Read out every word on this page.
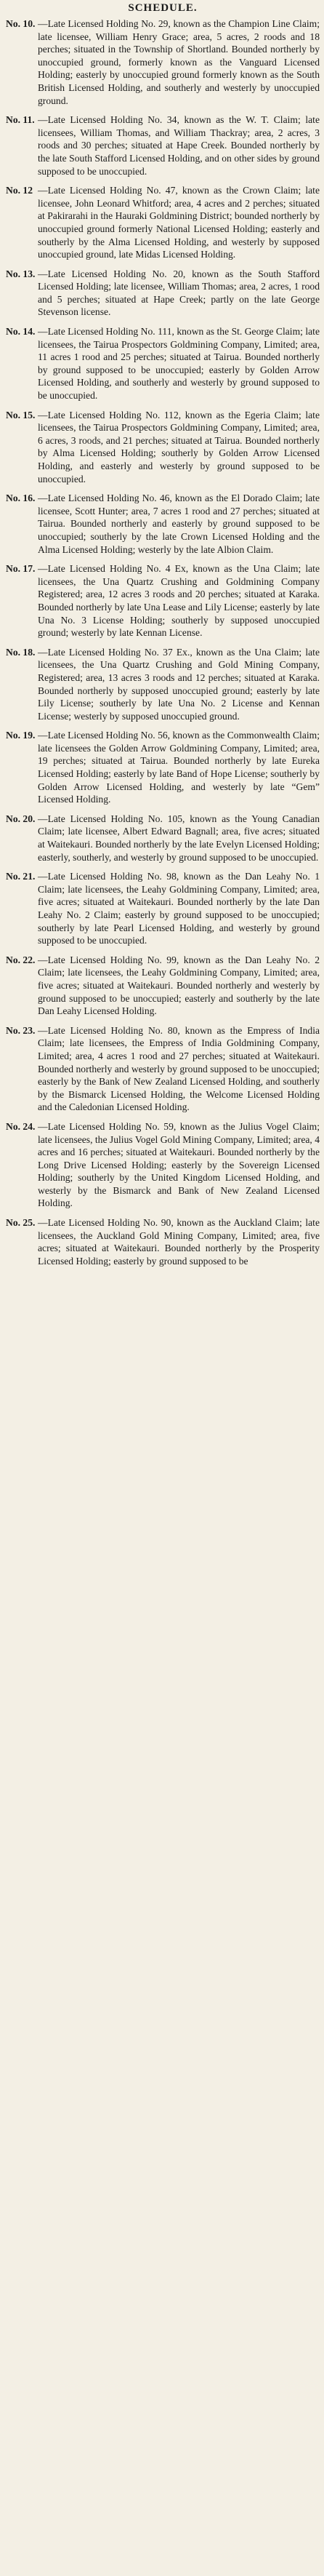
SCHEDULE.

No. 10. —Late Licensed Holding No. 29, known as the Champion Line Claim; late licensee, William Henry Grace; area, 5 acres, 2 roods and 18 perches; situated in the Township of Shortland. Bounded northerly by unoccupied ground, formerly known as the Vanguard Licensed Holding; easterly by unoccupied ground formerly known as the South British Licensed Holding, and southerly and westerly by unoccupied ground.

No. 11. —Late Licensed Holding No. 34, known as the W. T. Claim; late licensees, William Thomas, and William Thackray; area, 2 acres, 3 roods and 30 perches; situated at Hape Creek. Bounded northerly by the late South Stafford Licensed Holding, and on other sides by ground supposed to be unoccupied.

No. 12 —Late Licensed Holding No. 47, known as the Crown Claim; late licensee, John Leonard Whitford; area, 4 acres and 2 perches; situated at Pakirarahi in the Hauraki Goldmining District; bounded northerly by unoccupied ground formerly National Licensed Holding; easterly and southerly by the Alma Licensed Holding, and westerly by supposed unoccupied ground, late Midas Licensed Holding.

No. 13. —Late Licensed Holding No. 20, known as the South Stafford Licensed Holding; late licensee, William Thomas; area, 2 acres, 1 rood and 5 perches; situated at Hape Creek; partly on the late George Stevenson license.

No. 14. —Late Licensed Holding No. 111, known as the St. George Claim; late licensees, the Tairua Prospectors Goldmining Company, Limited; area, 11 acres 1 rood and 25 perches; situated at Tairua. Bounded northerly by ground supposed to be unoccupied; easterly by Golden Arrow Licensed Holding, and southerly and westerly by ground supposed to be unoccupied.

No. 15. —Late Licensed Holding No. 112, known as the Egeria Claim; late licensees, the Tairua Prospectors Goldmining Company, Limited; area, 6 acres, 3 roods, and 21 perches; situated at Tairua. Bounded northerly by Alma Licensed Holding; southerly by Golden Arrow Licensed Holding, and easterly and westerly by ground supposed to be unoccupied.

No. 16. —Late Licensed Holding No. 46, known as the El Dorado Claim; late licensee, Scott Hunter; area, 7 acres 1 rood and 27 perches; situated at Tairua. Bounded northerly and easterly by ground supposed to be unoccupied; southerly by the late Crown Licensed Holding and the Alma Licensed Holding; westerly by the late Albion Claim.

No. 17. —Late Licensed Holding No. 4 Ex, known as the Una Claim; late licensees, the Una Quartz Crushing and Goldmining Company Registered; area, 12 acres 3 roods and 20 perches; situated at Karaka. Bounded northerly by late Una Lease and Lily License; easterly by late Una No. 3 License Holding; southerly by supposed unoccupied ground; westerly by late Kennan License.

No. 18. —Late Licensed Holding No. 37 Ex., known as the Una Claim; late licensees, the Una Quartz Crushing and Gold Mining Company, Registered; area, 13 acres 3 roods and 12 perches; situated at Karaka. Bounded northerly by supposed unoccupied ground; easterly by late Lily License; southerly by late Una No. 2 License and Kennan License; westerly by supposed unoccupied ground.

No. 19. —Late Licensed Holding No. 56, known as the Commonwealth Claim; late licensees the Golden Arrow Goldmining Company, Limited; area, 19 perches; situated at Tairua. Bounded northerly by late Eureka Licensed Holding; easterly by late Band of Hope License; southerly by Golden Arrow Licensed Holding, and westerly by late “Gem” Licensed Holding.

No. 20. —Late Licensed Holding No. 105, known as the Young Canadian Claim; late licensee, Albert Edward Bagnall; area, five acres; situated at Waitekauri. Bounded northerly by the late Evelyn Licensed Holding; easterly, southerly, and westerly by ground supposed to be unoccupied.

No. 21. —Late Licensed Holding No. 98, known as the Dan Leahy No. 1 Claim; late licensees, the Leahy Goldmining Company, Limited; area, five acres; situated at Waitekauri. Bounded northerly by the late Dan Leahy No. 2 Claim; easterly by ground supposed to be unoccupied; southerly by late Pearl Licensed Holding, and westerly by ground supposed to be unoccupied.

No. 22. —Late Licensed Holding No. 99, known as the Dan Leahy No. 2 Claim; late licensees, the Leahy Goldmining Company, Limited; area, five acres; situated at Waitekauri. Bounded northerly and westerly by ground supposed to be unoccupied; easterly and southerly by the late Dan Leahy Licensed Holding.

No. 23. —Late Licensed Holding No. 80, known as the Empress of India Claim; late licensees, the Empress of India Goldmining Company, Limited; area, 4 acres 1 rood and 27 perches; situated at Waitekauri. Bounded northerly and westerly by ground supposed to be unoccupied; easterly by the Bank of New Zealand Licensed Holding, and southerly by the Bismarck Licensed Holding, the Welcome Licensed Holding and the Caledonian Licensed Holding.

No. 24. —Late Licensed Holding No. 59, known as the Julius Vogel Claim; late licensees, the Julius Vogel Gold Mining Company, Limited; area, 4 acres and 16 perches; situated at Waitekauri. Bounded northerly by the Long Drive Licensed Holding; easterly by the Sovereign Licensed Holding; southerly by the United Kingdom Licensed Holding, and westerly by the Bismarck and Bank of New Zealand Licensed Holding.

No. 25. —Late Licensed Holding No. 90, known as the Auckland Claim; late licensees, the Auckland Gold Mining Company, Limited; area, five acres; situated at Waitekauri. Bounded northerly by the Prosperity Licensed Holding; easterly by ground supposed to be
